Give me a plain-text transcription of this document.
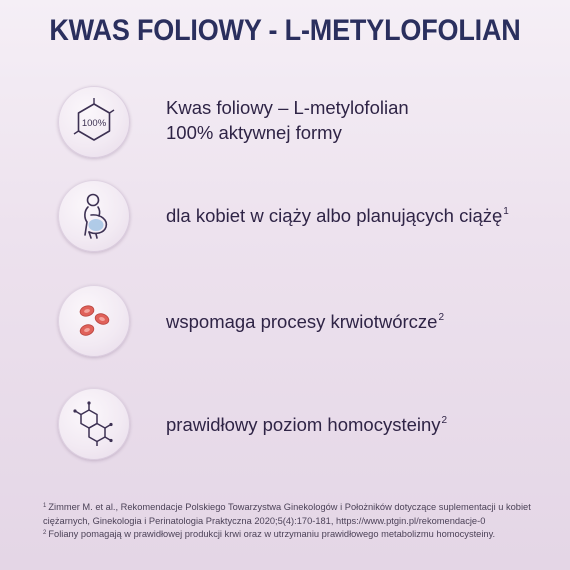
KWAS FOLIOWY - L-METYLOFOLIAN
100%
Kwas foliowy – L-metylofolian
100% aktywnej formy
dla kobiet w ciąży albo planujących ciążę$^1$
wspomaga procesy krwiotwórcze$^2$
prawidłowy poziom homocysteiny$^2$
$^1$ Zimmer M. et al., Rekomendacje Polskiego Towarzystwa Ginekologów i Położników dotyczące suplementacji u kobiet
ciężarnych, Ginekologia i Perinatologia Praktyczna 2020;5(4):170-181, https://www.ptgin.pl/rekomendacje-0
$^2$ Foliany pomagają w prawidłowej produkcji krwi oraz w utrzymaniu prawidłowego metabolizmu homocysteiny.
